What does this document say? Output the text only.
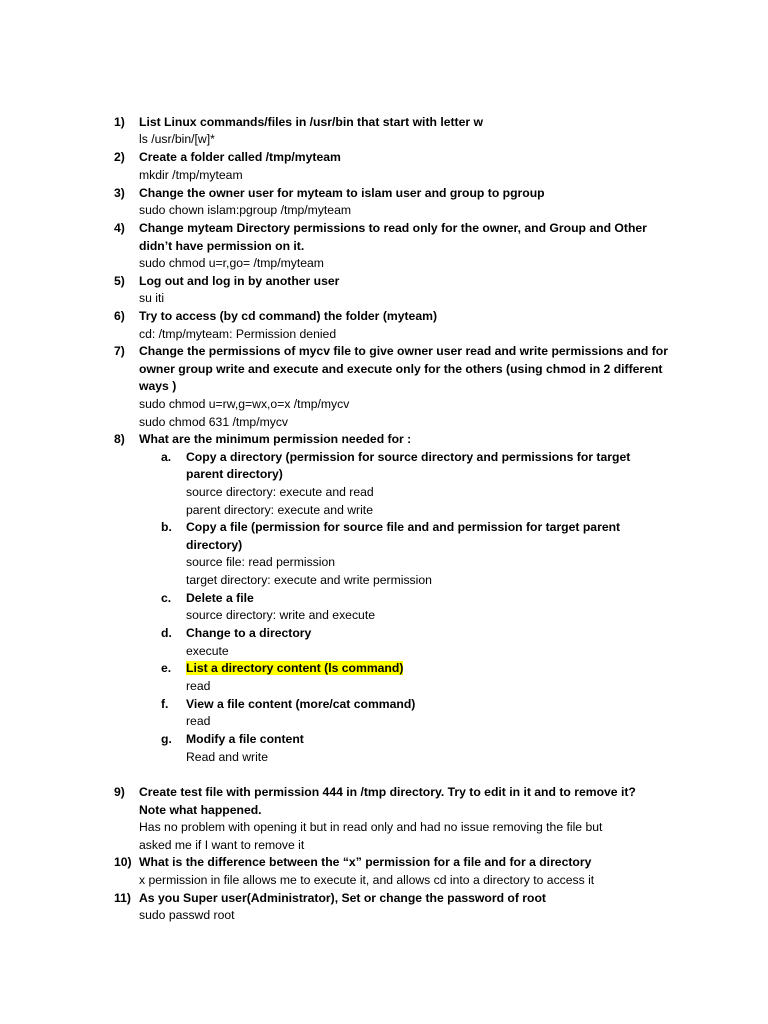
1) List Linux commands/files in /usr/bin that start with letter w
ls /usr/bin/[w]*
2) Create a folder called /tmp/myteam
mkdir /tmp/myteam
3) Change the owner user for myteam to islam user and group to pgroup
sudo chown islam:pgroup /tmp/myteam
4) Change myteam Directory permissions to read only for the owner, and Group and Other
didn’t have permission on it.
sudo chmod u=r,go= /tmp/myteam
5) Log out and log in by another user
su iti
6) Try to access (by cd command) the folder (myteam)
cd: /tmp/myteam: Permission denied
7) Change the permissions of mycv file to give owner user read and write permissions and for
owner group write and execute and execute only for the others (using chmod in 2 different
ways )
sudo chmod u=rw,g=wx,o=x /tmp/mycv
sudo chmod 631 /tmp/mycv
8) What are the minimum permission needed for :
a. Copy a directory (permission for source directory and permissions for target
parent directory)
source directory: execute and read
parent directory: execute and write
b. Copy a file (permission for source file and and permission for target parent
directory)
source file: read permission
target directory: execute and write permission
c. Delete a file
source directory: write and execute
d. Change to a directory
execute
e. List a directory content (ls command)
read
f. View a file content (more/cat command)
read
g. Modify a file content
Read and write
9) Create test file with permission 444 in /tmp directory. Try to edit in it and to remove it?
Note what happened.
Has no problem with opening it but in read only and had no issue removing the file but
asked me if I want to remove it
10) What is the difference between the “x” permission for a file and for a directory
x permission in file allows me to execute it, and allows cd into a directory to access it
11) As you Super user(Administrator), Set or change the password of root
sudo passwd root
